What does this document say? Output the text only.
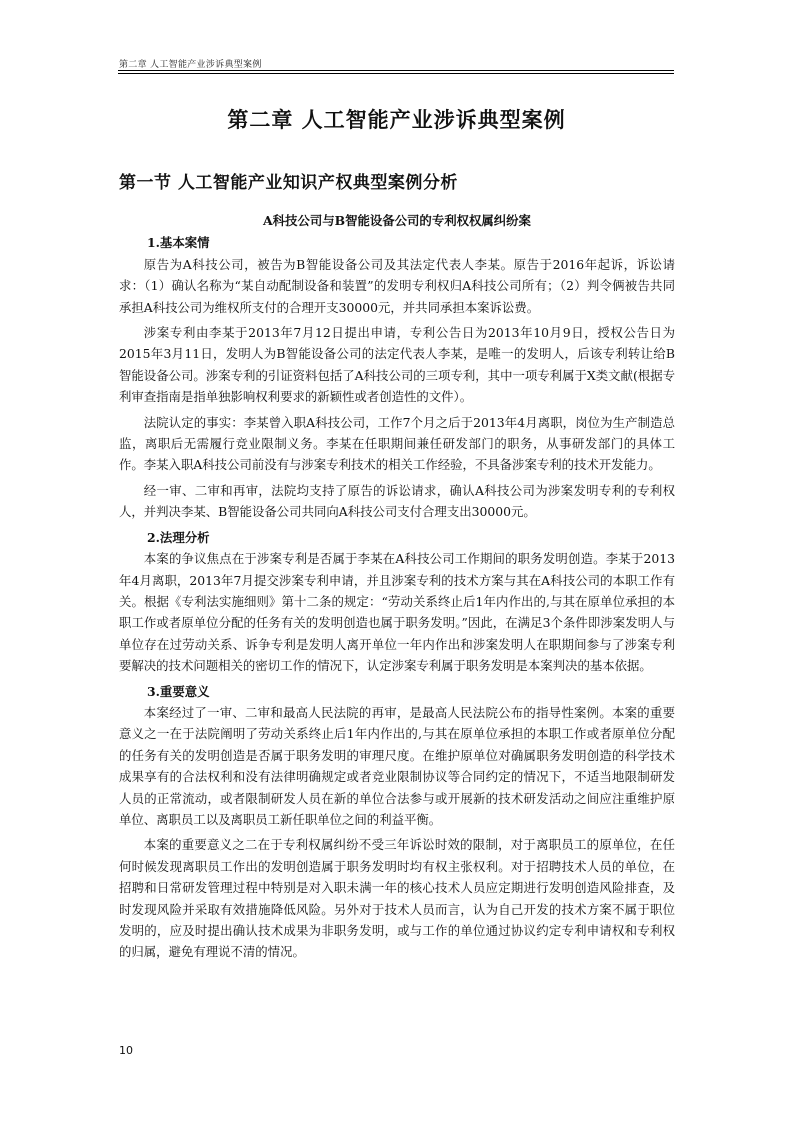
第二章 人工智能产业涉诉典型案例
第二章 人工智能产业涉诉典型案例
第一节 人工智能产业知识产权典型案例分析

A科技公司与B智能设备公司的专利权权属纠纷案

1.基本案情

原告为A科技公司，被告为B智能设备公司及其法定代表人李某。原告于2016年起诉，诉讼请求：（1）确认名称为“某自动配制设备和装置”的发明专利权归A科技公司所有；（2）判令俩被告共同承担A科技公司为维权所支付的合理开支30000元，并共同承担本案诉讼费。

涉案专利由李某于2013年7月12日提出申请，专利公告日为2013年10月9日，授权公告日为2015年3月11日，发明人为B智能设备公司的法定代表人李某，是唯一的发明人，后该专利转让给B智能设备公司。涉案专利的引证资料包括了A科技公司的三项专利，其中一项专利属于X类文献(根据专利审查指南是指单独影响权利要求的新颖性或者创造性的文件）。

法院认定的事实：李某曾入职A科技公司，工作7个月之后于2013年4月离职，岗位为生产制造总监，离职后无需履行竞业限制义务。李某在任职期间兼任研发部门的职务，从事研发部门的具体工作。李某入职A科技公司前没有与涉案专利技术的相关工作经验，不具备涉案专利的技术开发能力。

经一审、二审和再审，法院均支持了原告的诉讼请求，确认A科技公司为涉案发明专利的专利权人，并判决李某、B智能设备公司共同向A科技公司支付合理支出30000元。

2.法理分析

本案的争议焦点在于涉案专利是否属于李某在A科技公司工作期间的职务发明创造。李某于2013年4月离职，2013年7月提交涉案专利申请，并且涉案专利的技术方案与其在A科技公司的本职工作有关。根据《专利法实施细则》第十二条的规定：“劳动关系终止后1年内作出的,与其在原单位承担的本职工作或者原单位分配的任务有关的发明创造也属于职务发明。”因此，在满足3个条件即涉案发明人与单位存在过劳动关系、诉争专利是发明人离开单位一年内作出和涉案发明人在职期间参与了涉案专利要解决的技术问题相关的密切工作的情况下，认定涉案专利属于职务发明是本案判决的基本依据。

3.重要意义

本案经过了一审、二审和最高人民法院的再审，是最高人民法院公布的指导性案例。本案的重要意义之一在于法院阐明了劳动关系终止后1年内作出的,与其在原单位承担的本职工作或者原单位分配的任务有关的发明创造是否属于职务发明的审理尺度。在维护原单位对确属职务发明创造的科学技术成果享有的合法权利和没有法律明确规定或者竞业限制协议等合同约定的情况下，不适当地限制研发人员的正常流动，或者限制研发人员在新的单位合法参与或开展新的技术研发活动之间应注重维护原单位、离职员工以及离职员工新任职单位之间的利益平衡。

本案的重要意义之二在于专利权属纠纷不受三年诉讼时效的限制，对于离职员工的原单位，在任何时候发现离职员工作出的发明创造属于职务发明时均有权主张权利。对于招聘技术人员的单位，在招聘和日常研发管理过程中特别是对入职未满一年的核心技术人员应定期进行发明创造风险排查，及时发现风险并采取有效措施降低风险。另外对于技术人员而言，认为自己开发的技术方案不属于职位发明的，应及时提出确认技术成果为非职务发明，或与工作的单位通过协议约定专利申请权和专利权的归属，避免有理说不清的情况。

10
